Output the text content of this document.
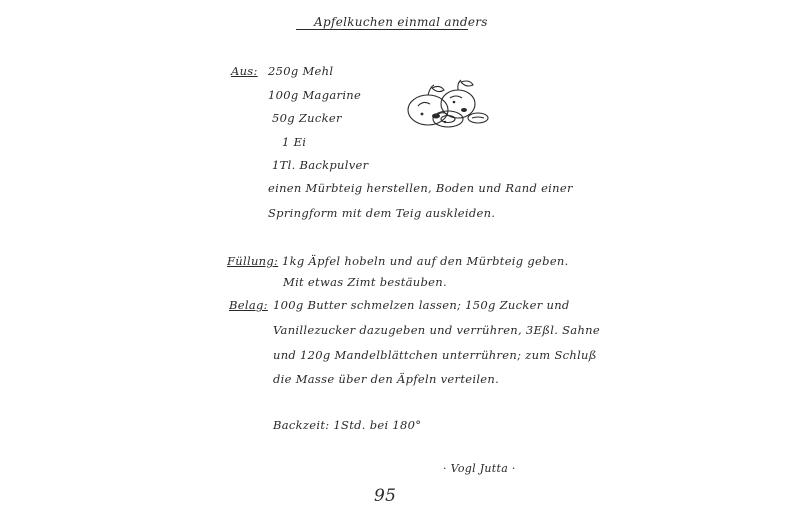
Apfelkuchen einmal anders
Aus: 250g Mehl
100g Magarine
50g Zucker
1 Ei
1Tl. Backpulver
einen Mürbteig herstellen, Boden und Rand einer
Springform mit dem Teig auskleiden.
Füllung: 1kg Äpfel hobeln und auf den Mürbteig geben.
Mit etwas Zimt bestäuben.
Belag: 100g Butter schmelzen lassen; 150g Zucker und
Vanillezucker dazugeben und verrühren, 3Eßl. Sahne
und 120g Mandelblättchen unterrühren; zum Schluß
die Masse über den Äpfeln verteilen.
Backzeit: 1Std. bei 180°
· Vogl Jutta ·
95
